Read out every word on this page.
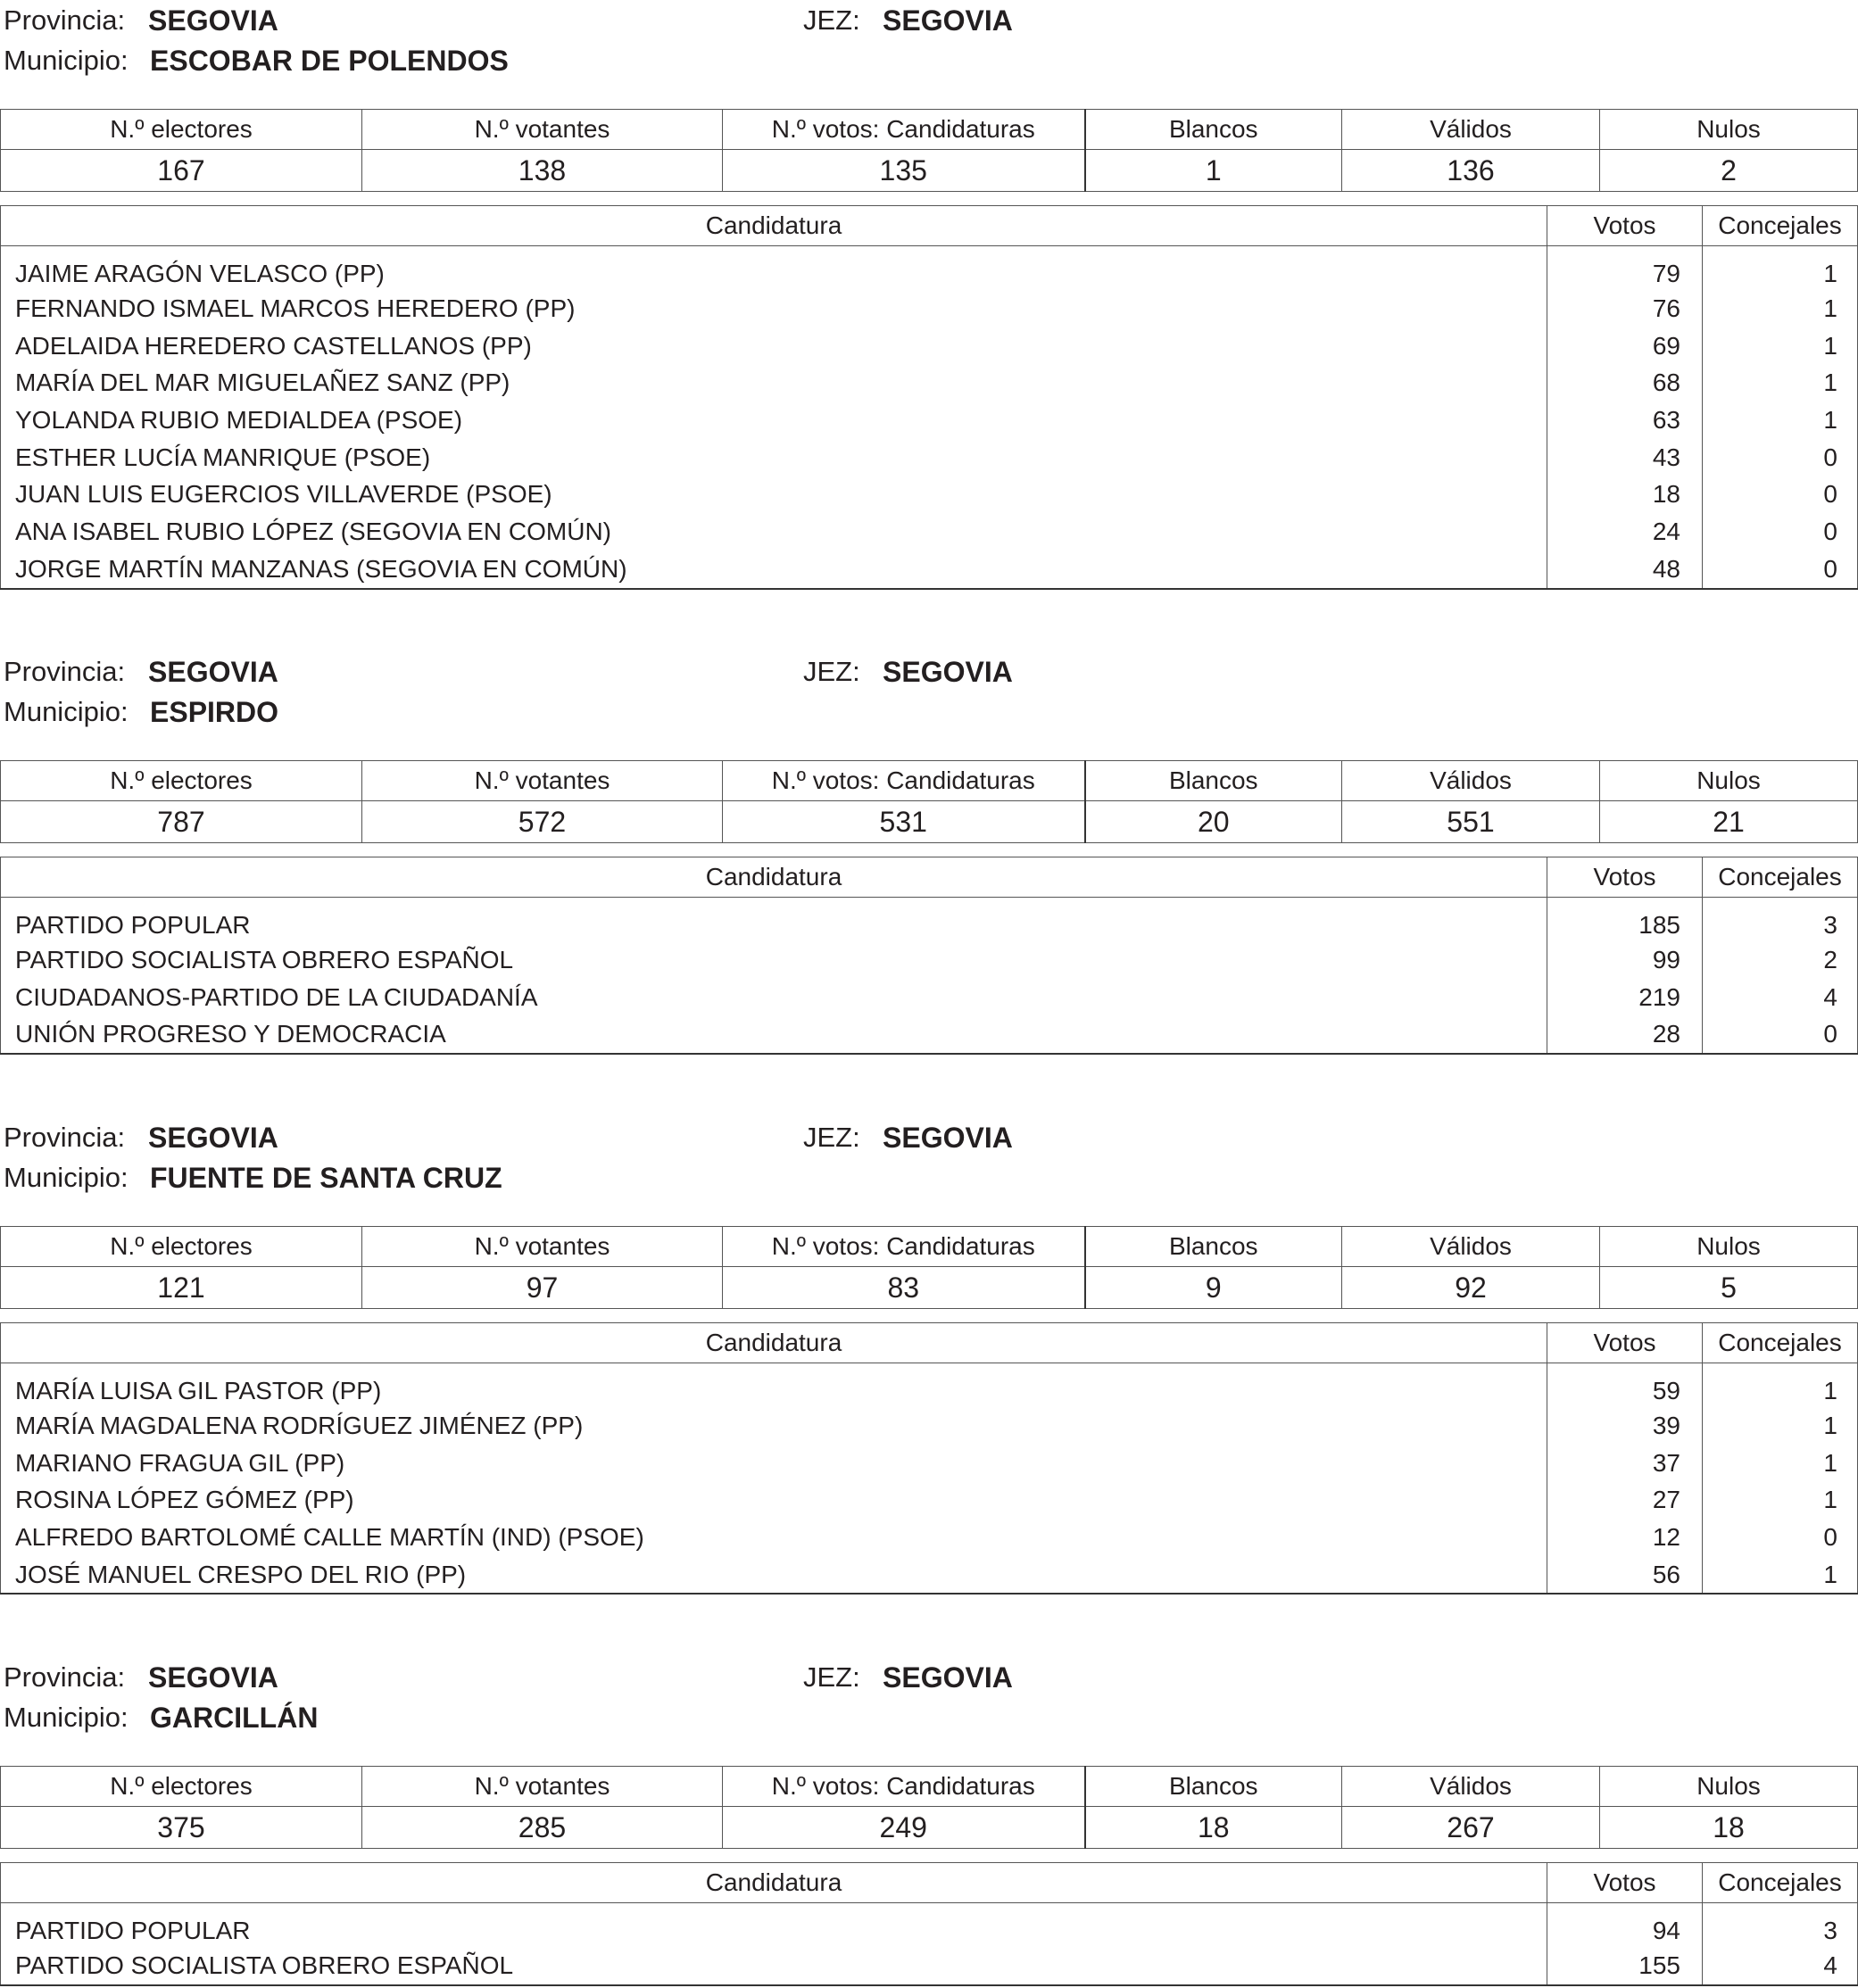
Provincia: SEGOVIA	JEZ: SEGOVIA
Municipio: ESCOBAR DE POLENDOS
N.º electores	N.º votantes	N.º votos: Candidaturas	Blancos	Válidos	Nulos
167	138	135	1	136	2
Candidatura	Votos	Concejales
JAIME ARAGÓN VELASCO (PP)	79	1
FERNANDO ISMAEL MARCOS HEREDERO (PP)	76	1
ADELAIDA HEREDERO CASTELLANOS (PP)	69	1
MARÍA DEL MAR MIGUELAÑEZ SANZ (PP)	68	1
YOLANDA RUBIO MEDIALDEA (PSOE)	63	1
ESTHER LUCÍA MANRIQUE (PSOE)	43	0
JUAN LUIS EUGERCIOS VILLAVERDE (PSOE)	18	0
ANA ISABEL RUBIO LÓPEZ (SEGOVIA EN COMÚN)	24	0
JORGE MARTÍN MANZANAS (SEGOVIA EN COMÚN)	48	0
Provincia: SEGOVIA	JEZ: SEGOVIA
Municipio: ESPIRDO
N.º electores	N.º votantes	N.º votos: Candidaturas	Blancos	Válidos	Nulos
787	572	531	20	551	21
Candidatura	Votos	Concejales
PARTIDO POPULAR	185	3
PARTIDO SOCIALISTA OBRERO ESPAÑOL	99	2
CIUDADANOS-PARTIDO DE LA CIUDADANÍA	219	4
UNIÓN PROGRESO Y DEMOCRACIA	28	0
Provincia: SEGOVIA	JEZ: SEGOVIA
Municipio: FUENTE DE SANTA CRUZ
N.º electores	N.º votantes	N.º votos: Candidaturas	Blancos	Válidos	Nulos
121	97	83	9	92	5
Candidatura	Votos	Concejales
MARÍA LUISA GIL PASTOR (PP)	59	1
MARÍA MAGDALENA RODRÍGUEZ JIMÉNEZ (PP)	39	1
MARIANO FRAGUA GIL (PP)	37	1
ROSINA LÓPEZ GÓMEZ (PP)	27	1
ALFREDO BARTOLOMÉ CALLE MARTÍN (IND) (PSOE)	12	0
JOSÉ MANUEL CRESPO DEL RIO (PP)	56	1
Provincia: SEGOVIA	JEZ: SEGOVIA
Municipio: GARCILLÁN
N.º electores	N.º votantes	N.º votos: Candidaturas	Blancos	Válidos	Nulos
375	285	249	18	267	18
Candidatura	Votos	Concejales
PARTIDO POPULAR	94	3
PARTIDO SOCIALISTA OBRERO ESPAÑOL	155	4
